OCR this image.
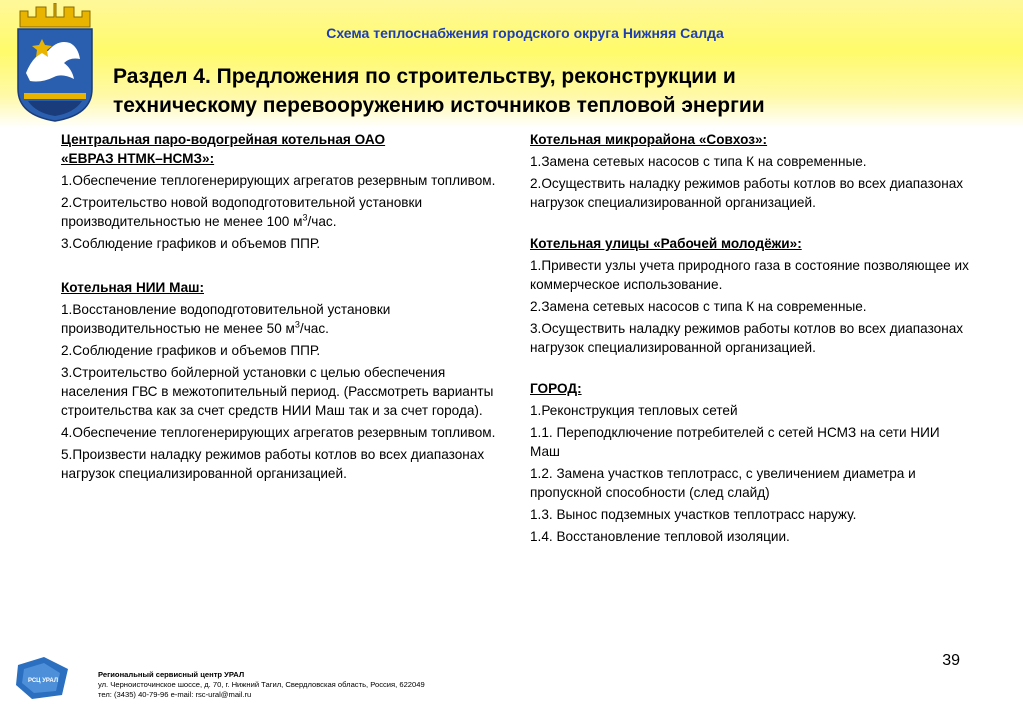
Схема теплоснабжения городского округа Нижняя Салда
Раздел 4. Предложения по строительству, реконструкции и
техническому перевооружению источников тепловой энергии
Центральная паро-водогрейная котельная ОАО
«ЕВРАЗ НТМК–НСМЗ»:
1.Обеспечение теплогенерирующих агрегатов резервным топливом.
2.Строительство новой водоподготовительной установки производительностью не менее 100 $м^3$/час.
3.Соблюдение графиков и объемов ППР.
Котельная НИИ Маш:
1.Восстановление водоподготовительной установки производительностью не менее 50 $м^3$/час.
2.Соблюдение графиков и объемов ППР.
3.Строительство бойлерной установки с целью обеспечения населения ГВС в межотопительный период. (Рассмотреть варианты строительства как за счет средств НИИ Маш так и за счет города).
4.Обеспечение теплогенерирующих агрегатов резервным топливом.
5.Произвести наладку режимов работы котлов во всех диапазонах нагрузок специализированной организацией.
Котельная микрорайона «Совхоз»:
1.Замена сетевых насосов с типа К на современные.
2.Осуществить наладку режимов работы котлов во всех диапазонах нагрузок специализированной организацией.
Котельная улицы «Рабочей молодёжи»:
1.Привести узлы учета природного газа в состояние позволяющее их коммерческое использование.
2.Замена сетевых насосов с типа К на современные.
3.Осуществить наладку режимов работы котлов во всех диапазонах нагрузок специализированной организацией.
ГОРОД:
1.Реконструкция тепловых сетей
1.1. Переподключение потребителей с сетей НСМЗ на сети НИИ Маш
1.2. Замена участков теплотрасс, с увеличением диаметра и пропускной способности (след слайд)
1.3. Вынос подземных участков теплотрасс наружу.
1.4. Восстановление тепловой изоляции.
39
РСЦ УРАЛ
Региональный сервисный центр УРАЛ
ул. Черноисточинское шоссе, д. 70, г. Нижний Тагил, Свердловская область, Россия, 622049
тел: (3435) 40-79-96 e-mail: rsc-ural@mail.ru
